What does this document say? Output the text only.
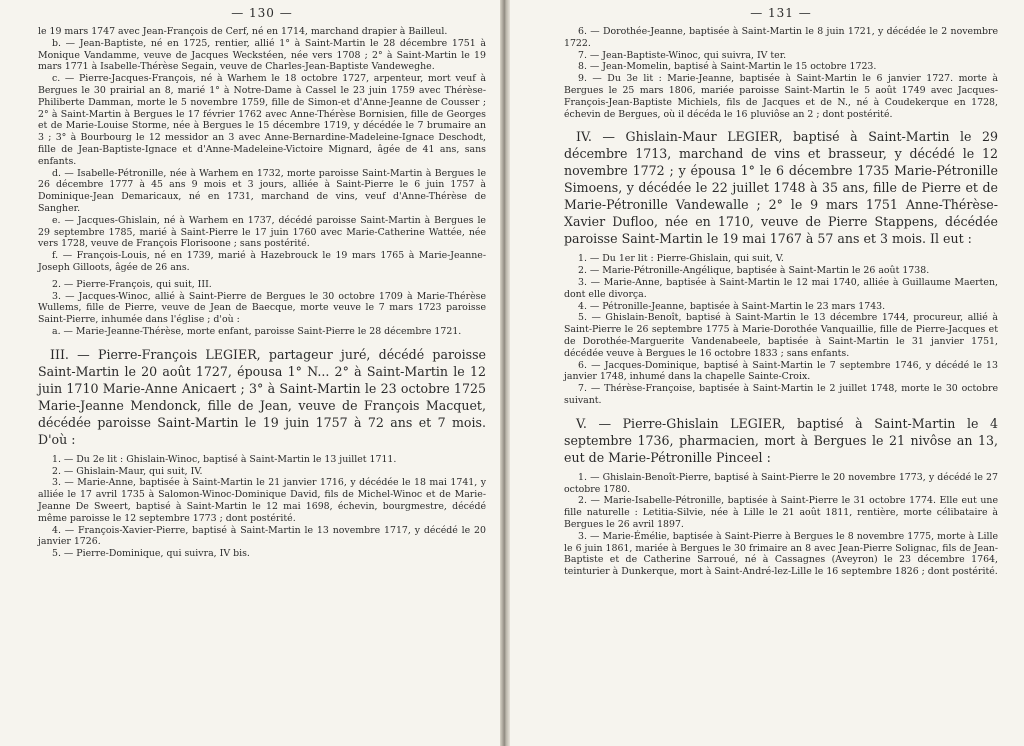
— 130 —

le 19 mars 1747 avec Jean-François de Cerf, né en 1714, marchand drapier à Bailleul.

b. — Jean-Baptiste, né en 1725, rentier, allié 1° à Saint-Martin le 28 décembre 1751 à Monique Vandamme, veuve de Jacques Weckstéen, née vers 1708 ; 2° à Saint-Martin le 19 mars 1771 à Isabelle-Thérèse Segain, veuve de Charles-Jean-Baptiste Vandeweghe.

c. — Pierre-Jacques-François, né à Warhem le 18 octobre 1727, arpenteur, mort veuf à Bergues le 30 prairial an 8, marié 1° à Notre-Dame à Cassel le 23 juin 1759 avec Thérèse-Philiberte Damman, morte le 5 novembre 1759, fille de Simon-et d'Anne-Jeanne de Cousser ; 2° à Saint-Martin à Bergues le 17 février 1762 avec Anne-Thérèse Bornisien, fille de Georges et de Marie-Louise Storme, née à Bergues le 15 décembre 1719, y décédée le 7 brumaire an 3 ; 3° à Bourbourg le 12 messidor an 3 avec Anne-Bernardine-Madeleine-Ignace Deschodt, fille de Jean-Baptiste-Ignace et d'Anne-Madeleine-Victoire Mignard, âgée de 41 ans, sans enfants.

d. — Isabelle-Pétronille, née à Warhem en 1732, morte paroisse Saint-Martin à Bergues le 26 décembre 1777 à 45 ans 9 mois et 3 jours, alliée à Saint-Pierre le 6 juin 1757 à Dominique-Jean Demaricaux, né en 1731, marchand de vins, veuf d'Anne-Thérèse de Sangher.

e. — Jacques-Ghislain, né à Warhem en 1737, décédé paroisse Saint-Martin à Bergues le 29 septembre 1785, marié à Saint-Pierre le 17 juin 1760 avec Marie-Catherine Wattée, née vers 1728, veuve de François Florisoone ; sans postérité.

f. — François-Louis, né en 1739, marié à Hazebrouck le 19 mars 1765 à Marie-Jeanne-Joseph Gilloots, âgée de 26 ans.

2. — Pierre-François, qui suit, III.

3. — Jacques-Winoc, allié à Saint-Pierre de Bergues le 30 octobre 1709 à Marie-Thérèse Wullems, fille de Pierre, veuve de Jean de Baecque, morte veuve le 7 mars 1723 paroisse Saint-Pierre, inhumée dans l'église ; d'où :

a. — Marie-Jeanne-Thérèse, morte enfant, paroisse Saint-Pierre le 28 décembre 1721.

III. — Pierre-François LEGIER, partageur juré, décédé paroisse Saint-Martin le 20 août 1727, épousa 1° N... 2° à Saint-Martin le 12 juin 1710 Marie-Anne Anicaert ; 3° à Saint-Martin le 23 octobre 1725 Marie-Jeanne Mendonck, fille de Jean, veuve de François Macquet, décédée paroisse Saint-Martin le 19 juin 1757 à 72 ans et 7 mois. D'où :

1. — Du 2e lit : Ghislain-Winoc, baptisé à Saint-Martin le 13 juillet 1711.

2. — Ghislain-Maur, qui suit, IV.

3. — Marie-Anne, baptisée à Saint-Martin le 21 janvier 1716, y décédée le 18 mai 1741, y alliée le 17 avril 1735 à Salomon-Winoc-Dominique David, fils de Michel-Winoc et de Marie-Jeanne De Sweert, baptisé à Saint-Martin le 12 mai 1698, échevin, bourgmestre, décédé même paroisse le 12 septembre 1773 ; dont postérité.

4. — François-Xavier-Pierre, baptisé à Saint-Martin le 13 novembre 1717, y décédé le 20 janvier 1726.

5. — Pierre-Dominique, qui suivra, IV bis.

— 131 —

6. — Dorothée-Jeanne, baptisée à Saint-Martin le 8 juin 1721, y décédée le 2 novembre 1722.

7. — Jean-Baptiste-Winoc, qui suivra, IV ter.

8. — Jean-Momelin, baptisé à Saint-Martin le 15 octobre 1723.

9. — Du 3e lit : Marie-Jeanne, baptisée à Saint-Martin le 6 janvier 1727. morte à Bergues le 25 mars 1806, mariée paroisse Saint-Martin le 5 août 1749 avec Jacques-François-Jean-Baptiste Michiels, fils de Jacques et de N., né à Coudekerque en 1728, échevin de Bergues, où il décéda le 16 pluviôse an 2 ; dont postérité.

IV. — Ghislain-Maur LEGIER, baptisé à Saint-Martin le 29 décembre 1713, marchand de vins et brasseur, y décédé le 12 novembre 1772 ; y épousa 1° le 6 décembre 1735 Marie-Pétronille Simoens, y décédée le 22 juillet 1748 à 35 ans, fille de Pierre et de Marie-Pétronille Vandewalle ; 2° le 9 mars 1751 Anne-Thérèse-Xavier Dufloo, née en 1710, veuve de Pierre Stappens, décédée paroisse Saint-Martin le 19 mai 1767 à 57 ans et 3 mois. Il eut :

1. — Du 1er lit : Pierre-Ghislain, qui suit, V.

2. — Marie-Pétronille-Angélique, baptisée à Saint-Martin le 26 août 1738.

3. — Marie-Anne, baptisée à Saint-Martin le 12 mai 1740, alliée à Guillaume Maerten, dont elle divorça.

4. — Pétronille-Jeanne, baptisée à Saint-Martin le 23 mars 1743.

5. — Ghislain-Benoît, baptisé à Saint-Martin le 13 décembre 1744, procureur, allié à Saint-Pierre le 26 septembre 1775 à Marie-Dorothée Vanquaillie, fille de Pierre-Jacques et de Dorothée-Marguerite Vandenabeele, baptisée à Saint-Martin le 31 janvier 1751, décédée veuve à Bergues le 16 octobre 1833 ; sans enfants.

6. — Jacques-Dominique, baptisé à Saint-Martin le 7 septembre 1746, y décédé le 13 janvier 1748, inhumé dans la chapelle Sainte-Croix.

7. — Thérèse-Françoise, baptisée à Saint-Martin le 2 juillet 1748, morte le 30 octobre suivant.

V. — Pierre-Ghislain LEGIER, baptisé à Saint-Martin le 4 septembre 1736, pharmacien, mort à Bergues le 21 nivôse an 13, eut de Marie-Pétronille Pinceel :

1. — Ghislain-Benoît-Pierre, baptisé à Saint-Pierre le 20 novembre 1773, y décédé le 27 octobre 1780.

2. — Marie-Isabelle-Pétronille, baptisée à Saint-Pierre le 31 octobre 1774. Elle eut une fille naturelle : Letitia-Silvie, née à Lille le 21 août 1811, rentière, morte célibataire à Bergues le 26 avril 1897.

3. — Marie-Émélie, baptisée à Saint-Pierre à Bergues le 8 novembre 1775, morte à Lille le 6 juin 1861, mariée à Bergues le 30 frimaire an 8 avec Jean-Pierre Solignac, fils de Jean-Baptiste et de Catherine Sarroué, né à Cassagnes (Aveyron) le 23 décembre 1764, teinturier à Dunkerque, mort à Saint-André-lez-Lille le 16 septembre 1826 ; dont postérité.
